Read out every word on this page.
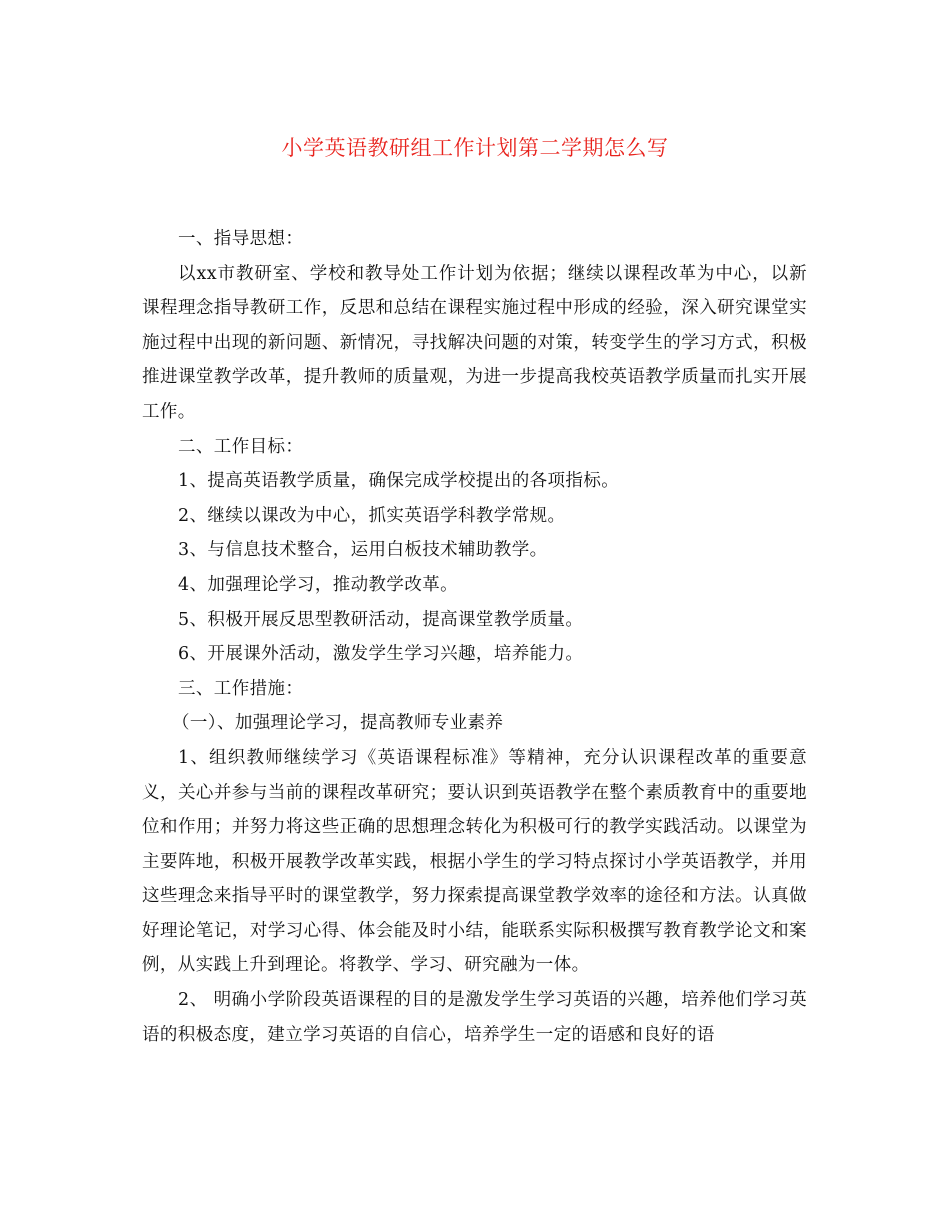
小学英语教研组工作计划第二学期怎么写

一、指导思想：

以xx市教研室、学校和教导处工作计划为依据；继续以课程改革为中心，以新课程理念指导教研工作，反思和总结在课程实施过程中形成的经验，深入研究课堂实施过程中出现的新问题、新情况，寻找解决问题的对策，转变学生的学习方式，积极推进课堂教学改革，提升教师的质量观，为进一步提高我校英语教学质量而扎实开展工作。

二、工作目标：

1、提高英语教学质量，确保完成学校提出的各项指标。

2、继续以课改为中心，抓实英语学科教学常规。

3、与信息技术整合，运用白板技术辅助教学。

4、加强理论学习，推动教学改革。

5、积极开展反思型教研活动，提高课堂教学质量。

6、开展课外活动，激发学生学习兴趣，培养能力。

三、工作措施：

（一）、加强理论学习，提高教师专业素养

1、组织教师继续学习《英语课程标准》等精神，充分认识课程改革的重要意义，关心并参与当前的课程改革研究；要认识到英语教学在整个素质教育中的重要地位和作用；并努力将这些正确的思想理念转化为积极可行的教学实践活动。以课堂为主要阵地，积极开展教学改革实践，根据小学生的学习特点探讨小学英语教学，并用这些理念来指导平时的课堂教学，努力探索提高课堂教学效率的途径和方法。认真做好理论笔记，对学习心得、体会能及时小结，能联系实际积极撰写教育教学论文和案例，从实践上升到理论。将教学、学习、研究融为一体。

2、 明确小学阶段英语课程的目的是激发学生学习英语的兴趣，培养他们学习英语的积极态度，建立学习英语的自信心，培养学生一定的语感和良好的语
